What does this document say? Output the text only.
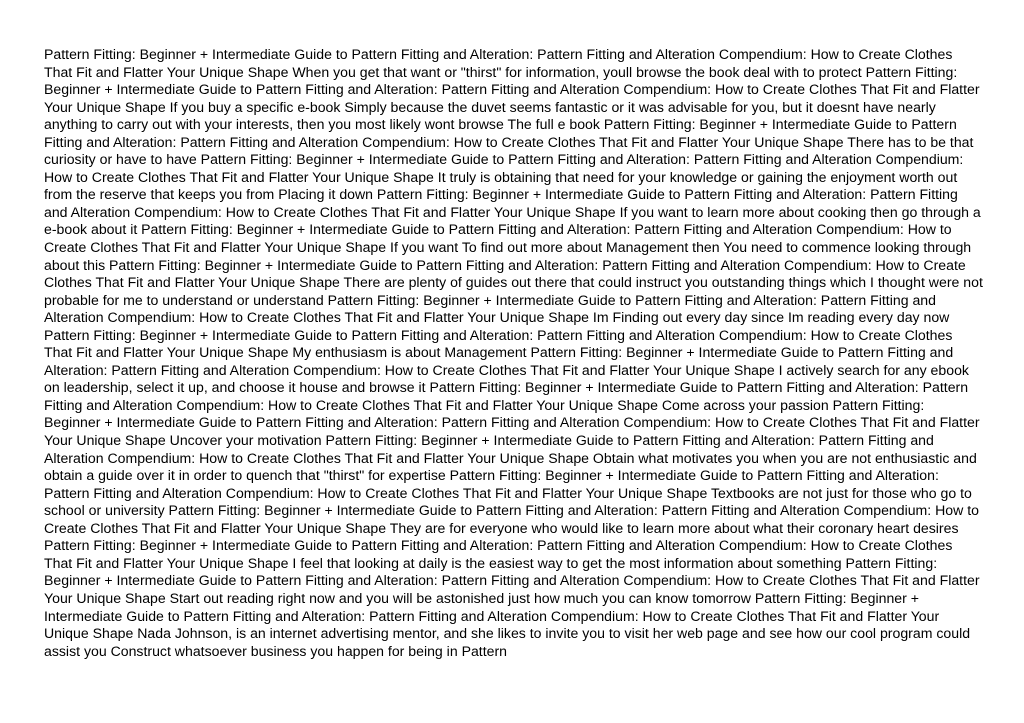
Pattern Fitting: Beginner + Intermediate Guide to Pattern Fitting and Alteration: Pattern Fitting and Alteration Compendium: How to Create Clothes That Fit and Flatter Your Unique Shape When you get that want or "thirst" for information, youll browse the book deal with to protect Pattern Fitting: Beginner + Intermediate Guide to Pattern Fitting and Alteration: Pattern Fitting and Alteration Compendium: How to Create Clothes That Fit and Flatter Your Unique Shape If you buy a specific e-book Simply because the duvet seems fantastic or it was advisable for you, but it doesnt have nearly anything to carry out with your interests, then you most likely wont browse The full e book Pattern Fitting: Beginner + Intermediate Guide to Pattern Fitting and Alteration: Pattern Fitting and Alteration Compendium: How to Create Clothes That Fit and Flatter Your Unique Shape There has to be that curiosity or have to have Pattern Fitting: Beginner + Intermediate Guide to Pattern Fitting and Alteration: Pattern Fitting and Alteration Compendium: How to Create Clothes That Fit and Flatter Your Unique Shape It truly is obtaining that need for your knowledge or gaining the enjoyment worth out from the reserve that keeps you from Placing it down Pattern Fitting: Beginner + Intermediate Guide to Pattern Fitting and Alteration: Pattern Fitting and Alteration Compendium: How to Create Clothes That Fit and Flatter Your Unique Shape If you want to learn more about cooking then go through a e-book about it Pattern Fitting: Beginner + Intermediate Guide to Pattern Fitting and Alteration: Pattern Fitting and Alteration Compendium: How to Create Clothes That Fit and Flatter Your Unique Shape If you want To find out more about Management then You need to commence looking through about this Pattern Fitting: Beginner + Intermediate Guide to Pattern Fitting and Alteration: Pattern Fitting and Alteration Compendium: How to Create Clothes That Fit and Flatter Your Unique Shape There are plenty of guides out there that could instruct you outstanding things which I thought were not probable for me to understand or understand Pattern Fitting: Beginner + Intermediate Guide to Pattern Fitting and Alteration: Pattern Fitting and Alteration Compendium: How to Create Clothes That Fit and Flatter Your Unique Shape Im Finding out every day since Im reading every day now Pattern Fitting: Beginner + Intermediate Guide to Pattern Fitting and Alteration: Pattern Fitting and Alteration Compendium: How to Create Clothes That Fit and Flatter Your Unique Shape My enthusiasm is about Management Pattern Fitting: Beginner + Intermediate Guide to Pattern Fitting and Alteration: Pattern Fitting and Alteration Compendium: How to Create Clothes That Fit and Flatter Your Unique Shape I actively search for any ebook on leadership, select it up, and choose it house and browse it Pattern Fitting: Beginner + Intermediate Guide to Pattern Fitting and Alteration: Pattern Fitting and Alteration Compendium: How to Create Clothes That Fit and Flatter Your Unique Shape Come across your passion Pattern Fitting: Beginner + Intermediate Guide to Pattern Fitting and Alteration: Pattern Fitting and Alteration Compendium: How to Create Clothes That Fit and Flatter Your Unique Shape Uncover your motivation Pattern Fitting: Beginner + Intermediate Guide to Pattern Fitting and Alteration: Pattern Fitting and Alteration Compendium: How to Create Clothes That Fit and Flatter Your Unique Shape Obtain what motivates you when you are not enthusiastic and obtain a guide over it in order to quench that "thirst" for expertise Pattern Fitting: Beginner + Intermediate Guide to Pattern Fitting and Alteration: Pattern Fitting and Alteration Compendium: How to Create Clothes That Fit and Flatter Your Unique Shape Textbooks are not just for those who go to school or university Pattern Fitting: Beginner + Intermediate Guide to Pattern Fitting and Alteration: Pattern Fitting and Alteration Compendium: How to Create Clothes That Fit and Flatter Your Unique Shape They are for everyone who would like to learn more about what their coronary heart desires Pattern Fitting: Beginner + Intermediate Guide to Pattern Fitting and Alteration: Pattern Fitting and Alteration Compendium: How to Create Clothes That Fit and Flatter Your Unique Shape I feel that looking at daily is the easiest way to get the most information about something Pattern Fitting: Beginner + Intermediate Guide to Pattern Fitting and Alteration: Pattern Fitting and Alteration Compendium: How to Create Clothes That Fit and Flatter Your Unique Shape Start out reading right now and you will be astonished just how much you can know tomorrow Pattern Fitting: Beginner + Intermediate Guide to Pattern Fitting and Alteration: Pattern Fitting and Alteration Compendium: How to Create Clothes That Fit and Flatter Your Unique Shape Nada Johnson, is an internet advertising mentor, and she likes to invite you to visit her web page and see how our cool program could assist you Construct whatsoever business you happen for being in Pattern
